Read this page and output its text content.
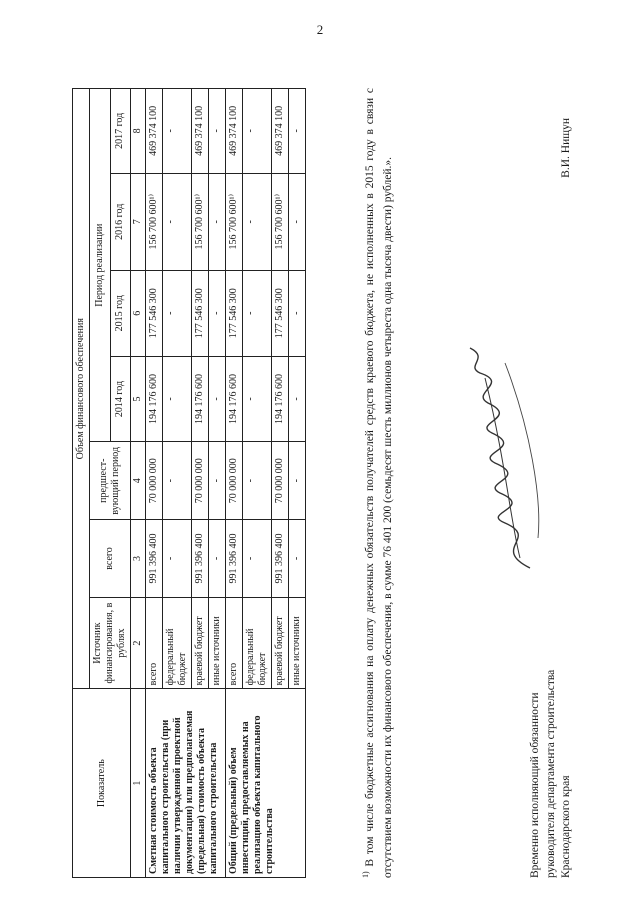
2
Показатель	Объем финансового обеспечения						
	Источник финансирования, в рублях	всего	предшест-вующий период	Период реализации			
				2014 год	2015 год	2016 год	2017 год
1	2	3	4	5	6	7	8
Сметная стоимость объекта капитального строительства (при наличии утвержденной проектной документации) или предполагаемая (предельная) стоимость объекта капитального строительства	всего	991 396 400	70 000 000	194 176 600	177 546 300	156 700 600¹⁾	469 374 100
	федеральный бюджет	-	-	-	-	-	-
	краевой бюджет	991 396 400	70 000 000	194 176 600	177 546 300	156 700 600¹⁾	469 374 100
	иные источники	-	-	-	-	-	-
Общий (предельный) объем инвестиций, предоставляемых на реализацию объекта капитального строительства	всего	991 396 400	70 000 000	194 176 600	177 546 300	156 700 600¹⁾	469 374 100
	федеральный бюджет	-	-	-	-	-	-
	краевой бюджет	991 396 400	70 000 000	194 176 600	177 546 300	156 700 600¹⁾	469 374 100
	иные источники	-	-	-	-	-	-
$^{1)}$ В том числе бюджетные ассигнования на оплату денежных обязательств получателей средств краевого бюджета, не исполненных в 2015 году в связи с отсутствием возможности их финансового обеспечения, в сумме 76 401 200 (семьдесят шесть миллионов четыреста одна тысяча двести) рублей.».	Временно исполняющий обязанности руководителя департамента строительства Краснодарского края
В.И. Нищун
